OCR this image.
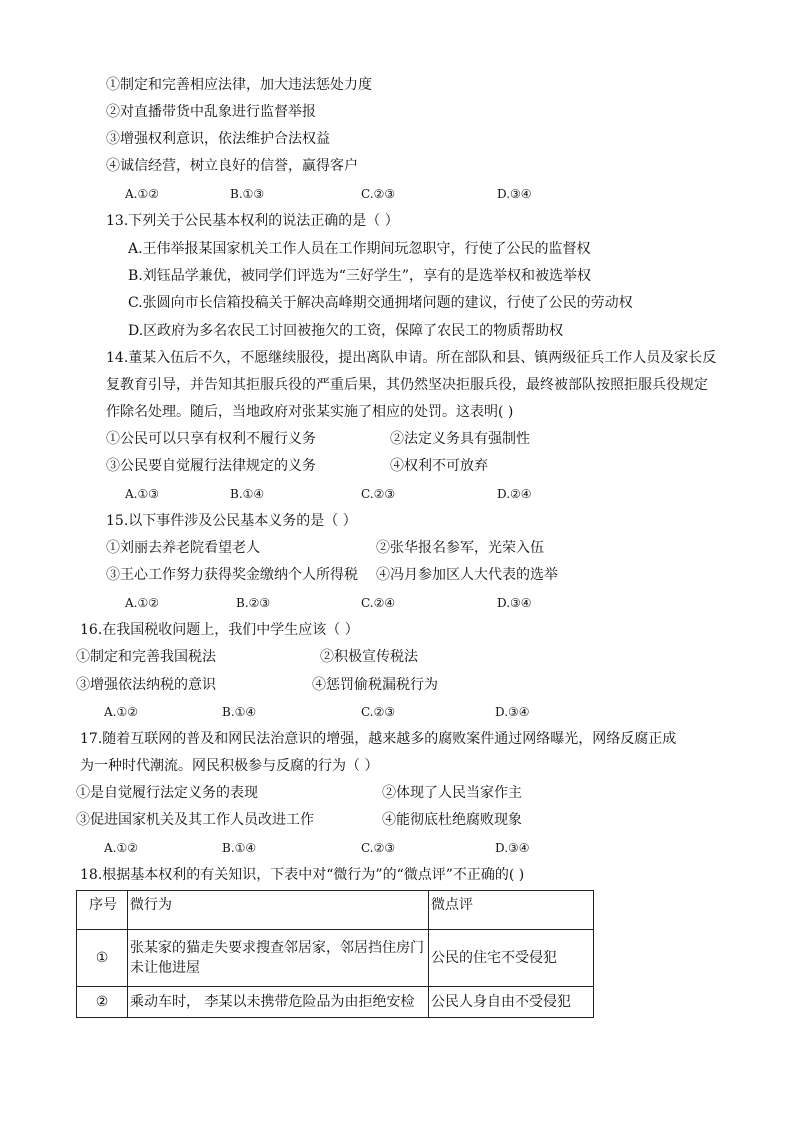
①制定和完善相应法律，加大违法惩处力度
②对直播带货中乱象进行监督举报
③增强权利意识，依法维护合法权益
④诚信经营，树立良好的信誉，赢得客户
A.①②	B.①③	C.②③	D.③④
13.下列关于公民基本权利的说法正确的是（ ）
A.王伟举报某国家机关工作人员在工作期间玩忽职守，行使了公民的监督权
B.刘钰品学兼优，被同学们评选为“三好学生”，享有的是选举权和被选举权
C.张圆向市长信箱投稿关于解决高峰期交通拥堵问题的建议，行使了公民的劳动权
D.区政府为多名农民工讨回被拖欠的工资，保障了农民工的物质帮助权
14.董某入伍后不久，不愿继续服役，提出离队申请。所在部队和县、镇两级征兵工作人员及家长反
复教育引导，并告知其拒服兵役的严重后果，其仍然坚决拒服兵役，最终被部队按照拒服兵役规定
作除名处理。随后，当地政府对张某实施了相应的处罚。这表明( )
①公民可以只享有权利不履行义务	②法定义务具有强制性
③公民要自觉履行法律规定的义务	④权利不可放弃
A.①③	B.①④	C.②③	D.②④
15.以下事件涉及公民基本义务的是（ ）
①刘丽去养老院看望老人	②张华报名参军，光荣入伍
③王心工作努力获得奖金缴纳个人所得税 ④冯月参加区人大代表的选举
A.①②	B.②③	C.②④	D.③④
16.在我国税收问题上，我们中学生应该（ ）
①制定和完善我国税法	②积极宣传税法
③增强依法纳税的意识	④惩罚偷税漏税行为
A.①②	B.①④	C.②③	D.③④
17.随着互联网的普及和网民法治意识的增强，越来越多的腐败案件通过网络曝光，网络反腐正成
为一种时代潮流。网民积极参与反腐的行为（ ）
①是自觉履行法定义务的表现	②体现了人民当家作主
③促进国家机关及其工作人员改进工作	④能彻底杜绝腐败现象
A.①②	B.①④	C.②③	D.③④
18.根据基本权利的有关知识，下表中对“微行为”的“微点评”不正确的( )
序号	微行为	微点评
①	张某家的猫走失要求搜查邻居家，邻居挡住房门
未让他进屋	公民的住宅不受侵犯
②	乘动车时， 李某以未携带危险品为由拒绝安检	公民人身自由不受侵犯
